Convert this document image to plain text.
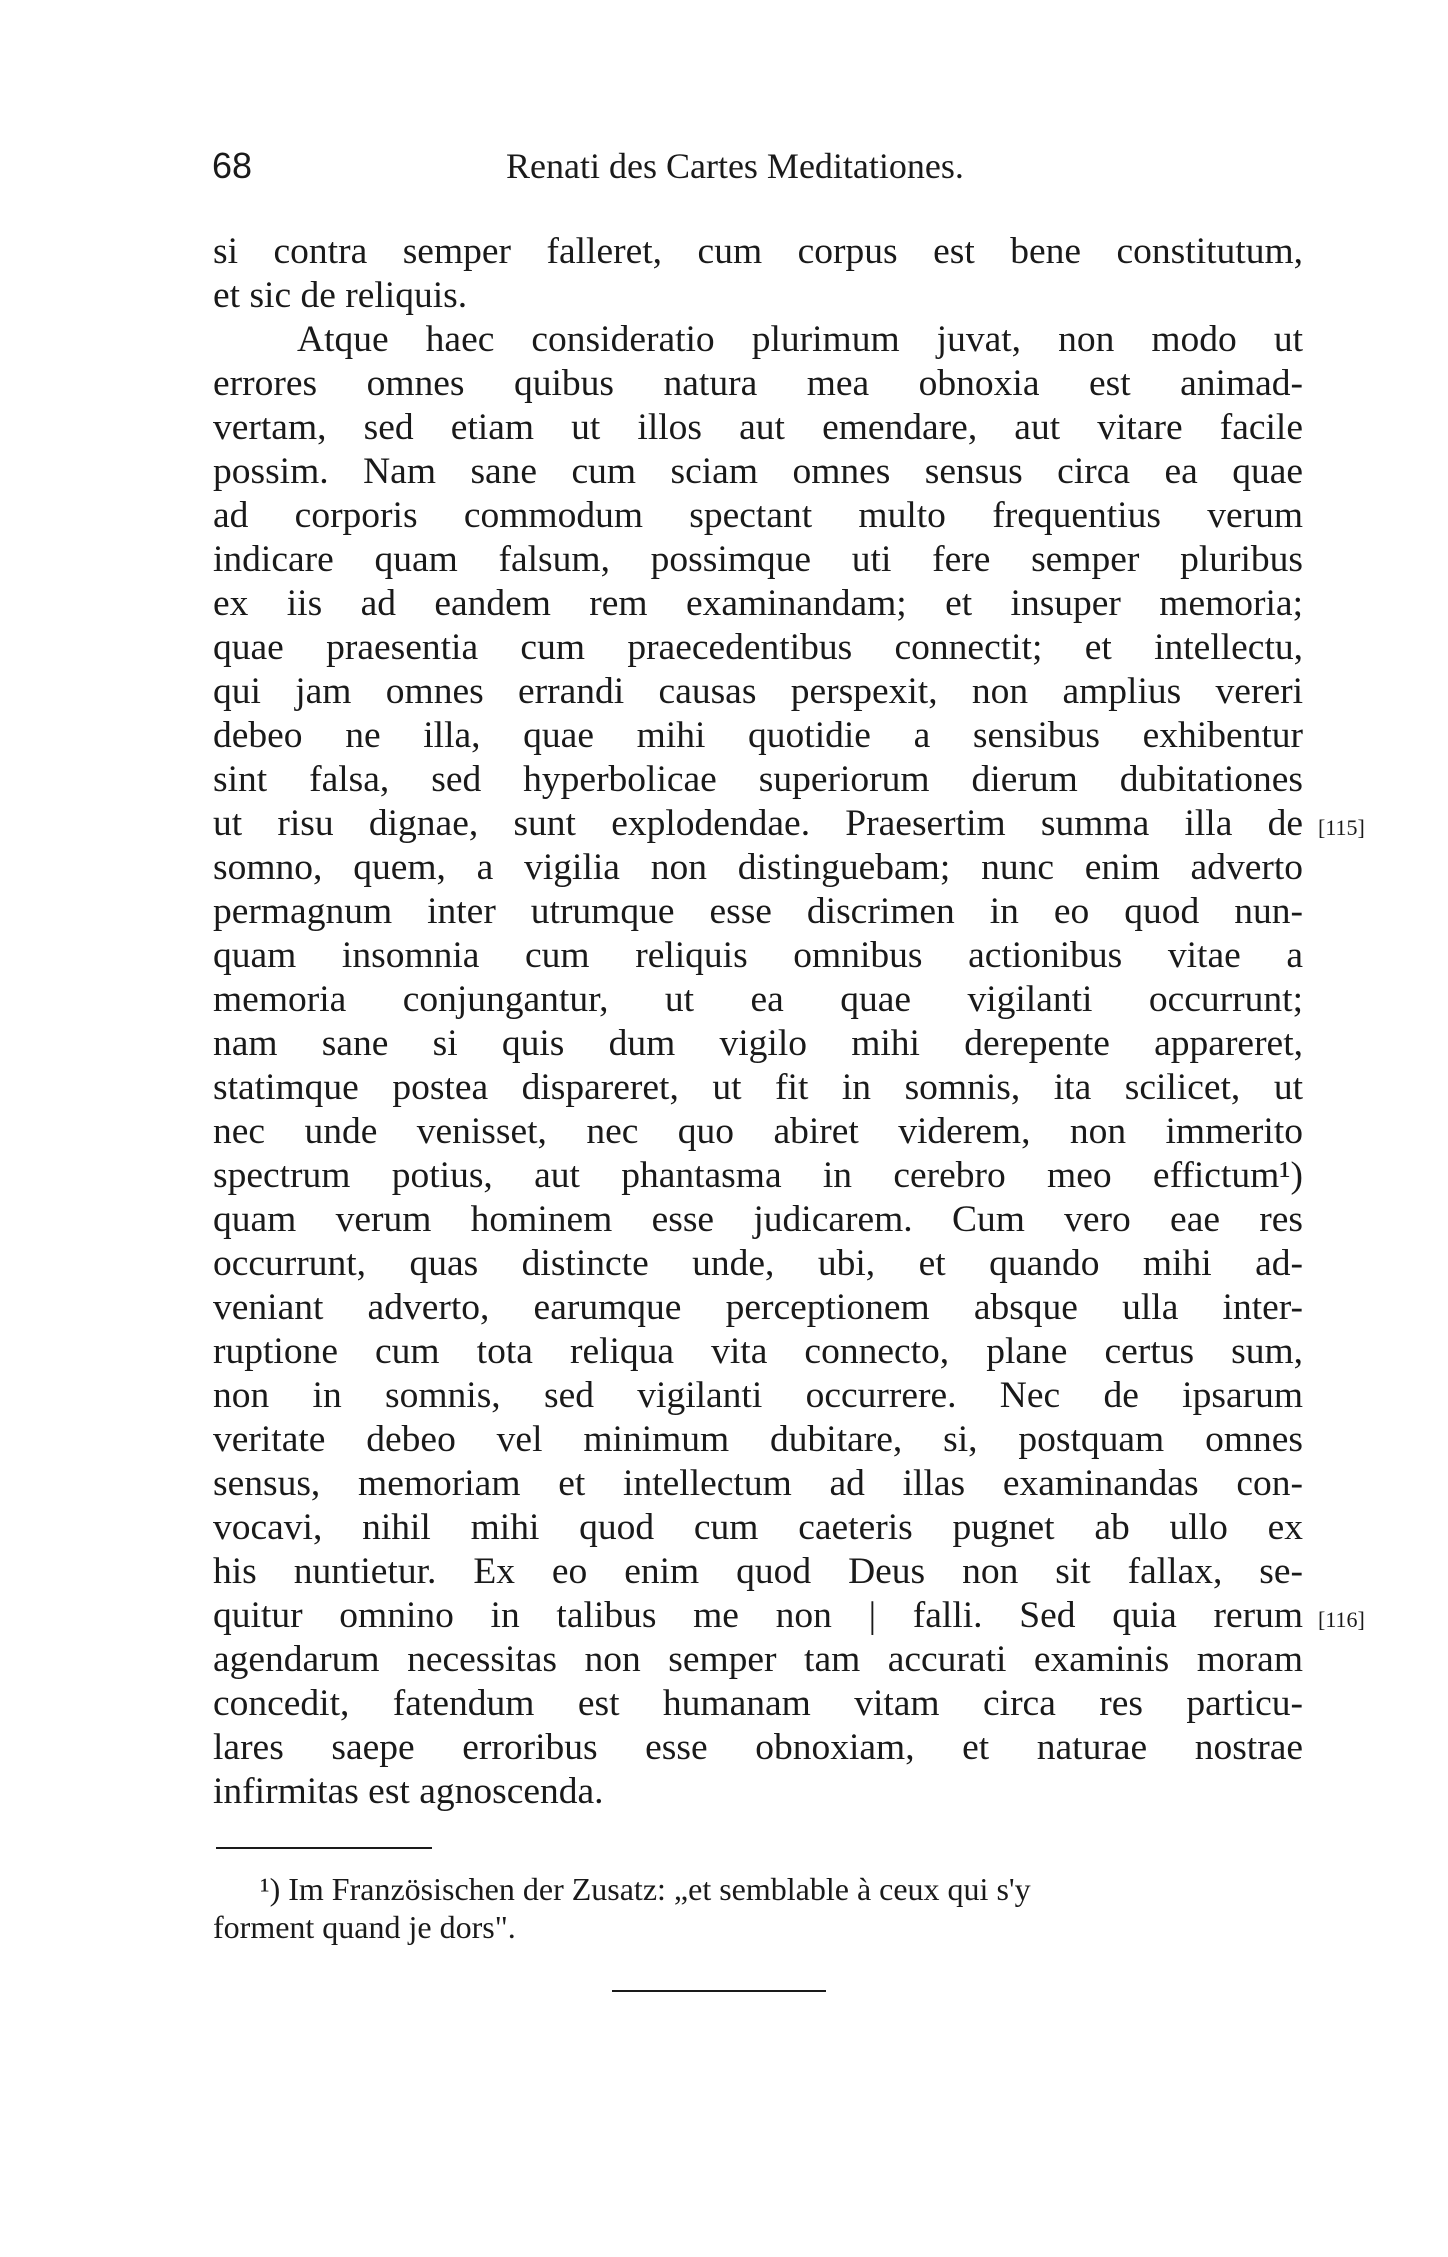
68	Renati des Cartes Meditationes.
si contra semper falleret, cum corpus est bene constitutum,
et sic de reliquis.
Atque haec consideratio plurimum juvat, non modo ut
errores omnes quibus natura mea obnoxia est animad-
vertam, sed etiam ut illos aut emendare, aut vitare facile
possim. Nam sane cum sciam omnes sensus circa ea quae
ad corporis commodum spectant multo frequentius verum
indicare quam falsum, possimque uti fere semper pluribus
ex iis ad eandem rem examinandam; et insuper memoria;
quae praesentia cum praecedentibus connectit; et intellectu,
qui jam omnes errandi causas perspexit, non amplius vereri
debeo ne illa, quae mihi quotidie a sensibus exhibentur
sint falsa, sed hyperbolicae superiorum dierum dubitationes
ut risu dignae, sunt explodendae. Praesertim summa illa de
somno, quem, a vigilia non distinguebam; nunc enim adverto
permagnum inter utrumque esse discrimen in eo quod nun-
quam insomnia cum reliquis omnibus actionibus vitae a
memoria conjungantur, ut ea quae vigilanti occurrunt;
nam sane si quis dum vigilo mihi derepente appareret,
statimque postea dispareret, ut fit in somnis, ita scilicet, ut
nec unde venisset, nec quo abiret viderem, non immerito
spectrum potius, aut phantasma in cerebro meo effictum¹)
quam verum hominem esse judicarem. Cum vero eae res
occurrunt, quas distincte unde, ubi, et quando mihi ad-
veniant adverto, earumque perceptionem absque ulla inter-
ruptione cum tota reliqua vita connecto, plane certus sum,
non in somnis, sed vigilanti occurrere. Nec de ipsarum
veritate debeo vel minimum dubitare, si, postquam omnes
sensus, memoriam et intellectum ad illas examinandas con-
vocavi, nihil mihi quod cum caeteris pugnet ab ullo ex
his nuntietur. Ex eo enim quod Deus non sit fallax, se-
quitur omnino in talibus me non | falli. Sed quia rerum
agendarum necessitas non semper tam accurati examinis moram
concedit, fatendum est humanam vitam circa res particu-
lares saepe erroribus esse obnoxiam, et naturae nostrae
infirmitas est agnoscenda.
[115]
[116]
¹) Im Französischen der Zusatz: „et semblable à ceux qui s'y
forment quand je dors".
